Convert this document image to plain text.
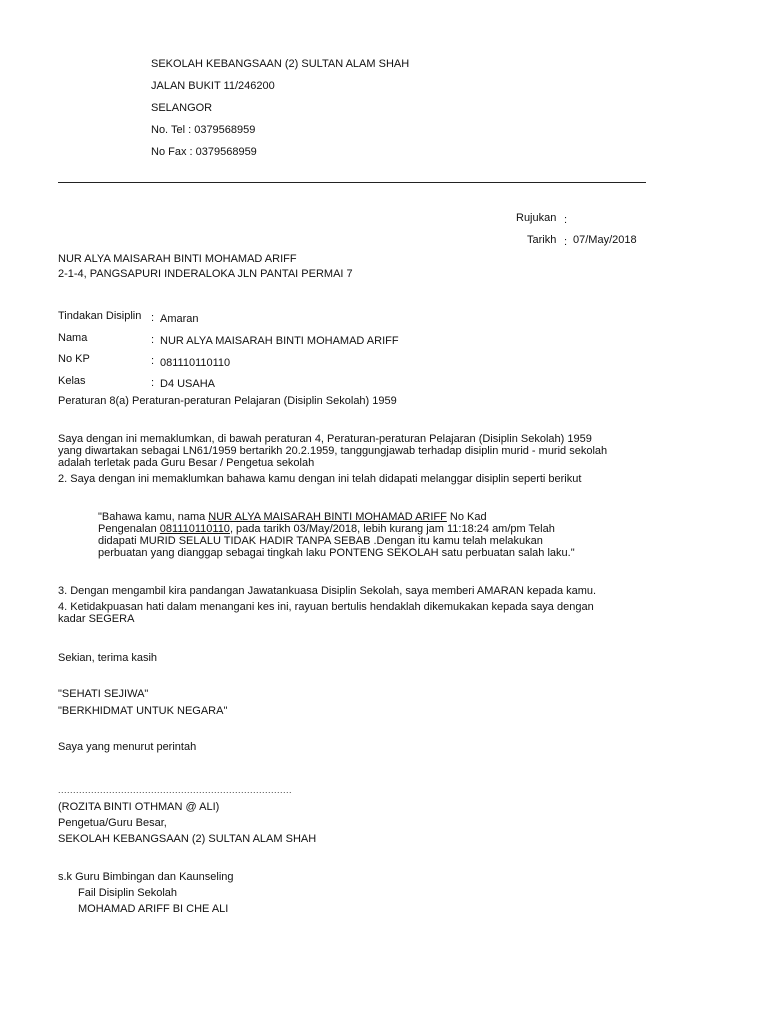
SEKOLAH KEBANGSAAN (2) SULTAN ALAM SHAH
JALAN BUKIT 11/246200
SELANGOR
No. Tel : 0379568959
No Fax : 0379568959
Rujukan :
Tarikh : 07/May/2018
NUR ALYA MAISARAH BINTI MOHAMAD ARIFF
2-1-4, PANGSAPURI INDERALOKA JLN PANTAI PERMAI 7
Tindakan Disiplin : Amaran
Nama	: NUR ALYA MAISARAH BINTI MOHAMAD ARIFF
No KP	: 081110110110
Kelas	: D4 USAHA
Peraturan 8(a) Peraturan-peraturan Pelajaran (Disiplin Sekolah) 1959
Saya dengan ini memaklumkan, di bawah peraturan 4, Peraturan-peraturan Pelajaran (Disiplin Sekolah) 1959
yang diwartakan sebagai LN61/1959 bertarikh 20.2.1959, tanggungjawab terhadap disiplin murid - murid sekolah
adalah terletak pada Guru Besar / Pengetua sekolah
2. Saya dengan ini memaklumkan bahawa kamu dengan ini telah didapati melanggar disiplin seperti berikut
"Bahawa kamu, nama NUR ALYA MAISARAH BINTI MOHAMAD ARIFF No Kad
Pengenalan 081110110110, pada tarikh 03/May/2018, lebih kurang jam 11:18:24 am/pm Telah
didapati MURID SELALU TIDAK HADIR TANPA SEBAB .Dengan itu kamu telah melakukan
perbuatan yang dianggap sebagai tingkah laku PONTENG SEKOLAH satu perbuatan salah laku."
3. Dengan mengambil kira pandangan Jawatankuasa Disiplin Sekolah, saya memberi AMARAN kepada kamu.
4. Ketidakpuasan hati dalam menangani kes ini, rayuan bertulis hendaklah dikemukakan kepada saya dengan
kadar SEGERA
Sekian, terima kasih
"SEHATI SEJIWA"
"BERKHIDMAT UNTUK NEGARA"
Saya yang menurut perintah
..............................................................................
(ROZITA BINTI OTHMAN @ ALI)
Pengetua/Guru Besar,
SEKOLAH KEBANGSAAN (2) SULTAN ALAM SHAH
s.k Guru Bimbingan dan Kaunseling
Fail Disiplin Sekolah
MOHAMAD ARIFF BI CHE ALI
